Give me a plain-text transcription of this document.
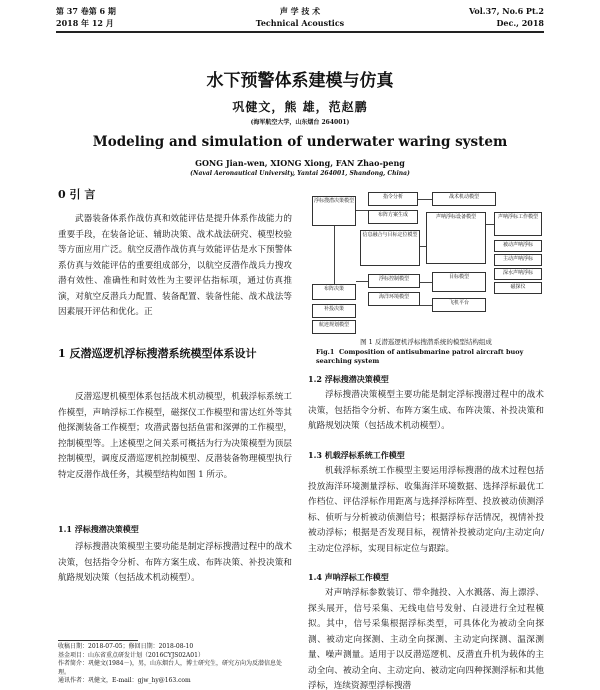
第 37 卷第 6 期
2018 年 12 月
声 学 技 术
Technical Acoustics
Vol.37, No.6 Pt.2
Dec., 2018
水下预警体系建模与仿真
巩健文，熊 雄，范赵鹏
(海军航空大学，山东烟台 264001)
Modeling and simulation of underwater waring system
GONG Jian-wen, XIONG Xiong, FAN Zhao-peng
(Naval Aeronautical University, Yantai 264001, Shandong, China)
0 引 言
武器装备体系作战仿真和效能评估是提升体系作战能力的重要手段，在装备论证、辅助决策、战术战法研究、模型校验等方面应用广泛。航空反潜作战仿真与效能评估是水下预警体系仿真与效能评估的重要组成部分，以航空反潜作战兵力搜攻潜有效性、准确性和时效性为主要评估指标项，通过仿真推演，对航空反潜兵力配置、装备配置、装备性能、战术战法等因素展开评估和优化。正
1 反潜巡逻机浮标搜潜系统模型体系设计
反潜巡逻机模型体系包括战术机动模型，机载浮标系统工作模型，声呐浮标工作模型，磁探仪工作模型和雷达红外等其他探测装备工作模型；攻潜武器包括鱼雷和深弹的工作模型，控制模型等。上述模型之间关系可概括为行为决策模型为顶层控制模型，调度反潜巡逻机控制模型、反潜装备物理模型执行特定反潜作战任务，其模型结构如图 1 所示。
1.1 浮标搜潜决策模型
浮标搜潜决策模型主要功能是制定浮标搜潜过程中的战术决策，包括指令分析、布阵方案生成、布阵决策、补投决策和航路规划决策（包括战术机动模型）。
收稿日期：2018-07-05；修回日期：2018-08-10
基金项目：山东省重点研发计划（2016CYJS02A01）
作者简介：巩健文(1984－)，男，山东烟台人，博士研究生，研究方向为反潜信息处理。
通讯作者：巩健文，E-mail：gjw_hy@163.com
浮标搜潜决策模型
指令分析
布阵方案生成
战术机动模型
信息融合与目标定位模型
声呐浮标设备模型	声呐浮标工作模型
被动声呐浮标
主动声呐浮标
深水声呐浮标
磁探仪
布阵决策
补投决策
浮标控制模型
海洋环境模型
目标模型
飞机平台
航迹规划模型
图 1 反潜巡逻机浮标搜潜系统的模型结构组成
Fig.1 Composition of antisubmarine patrol aircraft buoy searching system
1.2 浮标搜潜决策模型
浮标搜潜决策模型主要功能是制定浮标搜潜过程中的战术决策，包括指令分析、布阵方案生成、布阵决策、补投决策和航路规划决策（包括战术机动模型）。
1.3 机载浮标系统工作模型
机载浮标系统工作模型主要运用浮标搜潜的战术过程包括投放海洋环境测量浮标、收集海洋环境数据、选择浮标最优工作档位、评估浮标作用距离与选择浮标阵型、投放被动侦测浮标、侦听与分析被动侦测信号；根据浮标存活情况，视情补投被动浮标；根据是否发现目标，视情补投被动定向/主动定向/主动定位浮标，实现目标定位与跟踪。
1.4 声呐浮标工作模型
对声呐浮标参数装订、带伞抛投、入水溅落、海上漂浮、探头展开，信号采集、无线电信号发射、白浸进行全过程模拟。其中，信号采集根据浮标类型，可具体化为被动全向探测、被动定向探测、主动全向探测、主动定向探测、温深测量、噪声测量。适用于以反潜巡逻机、反潜直升机为载体的主动全向、被动全向、主动定向、被动定向四种探测浮标和其他浮标，连续资源型浮标搜潜
